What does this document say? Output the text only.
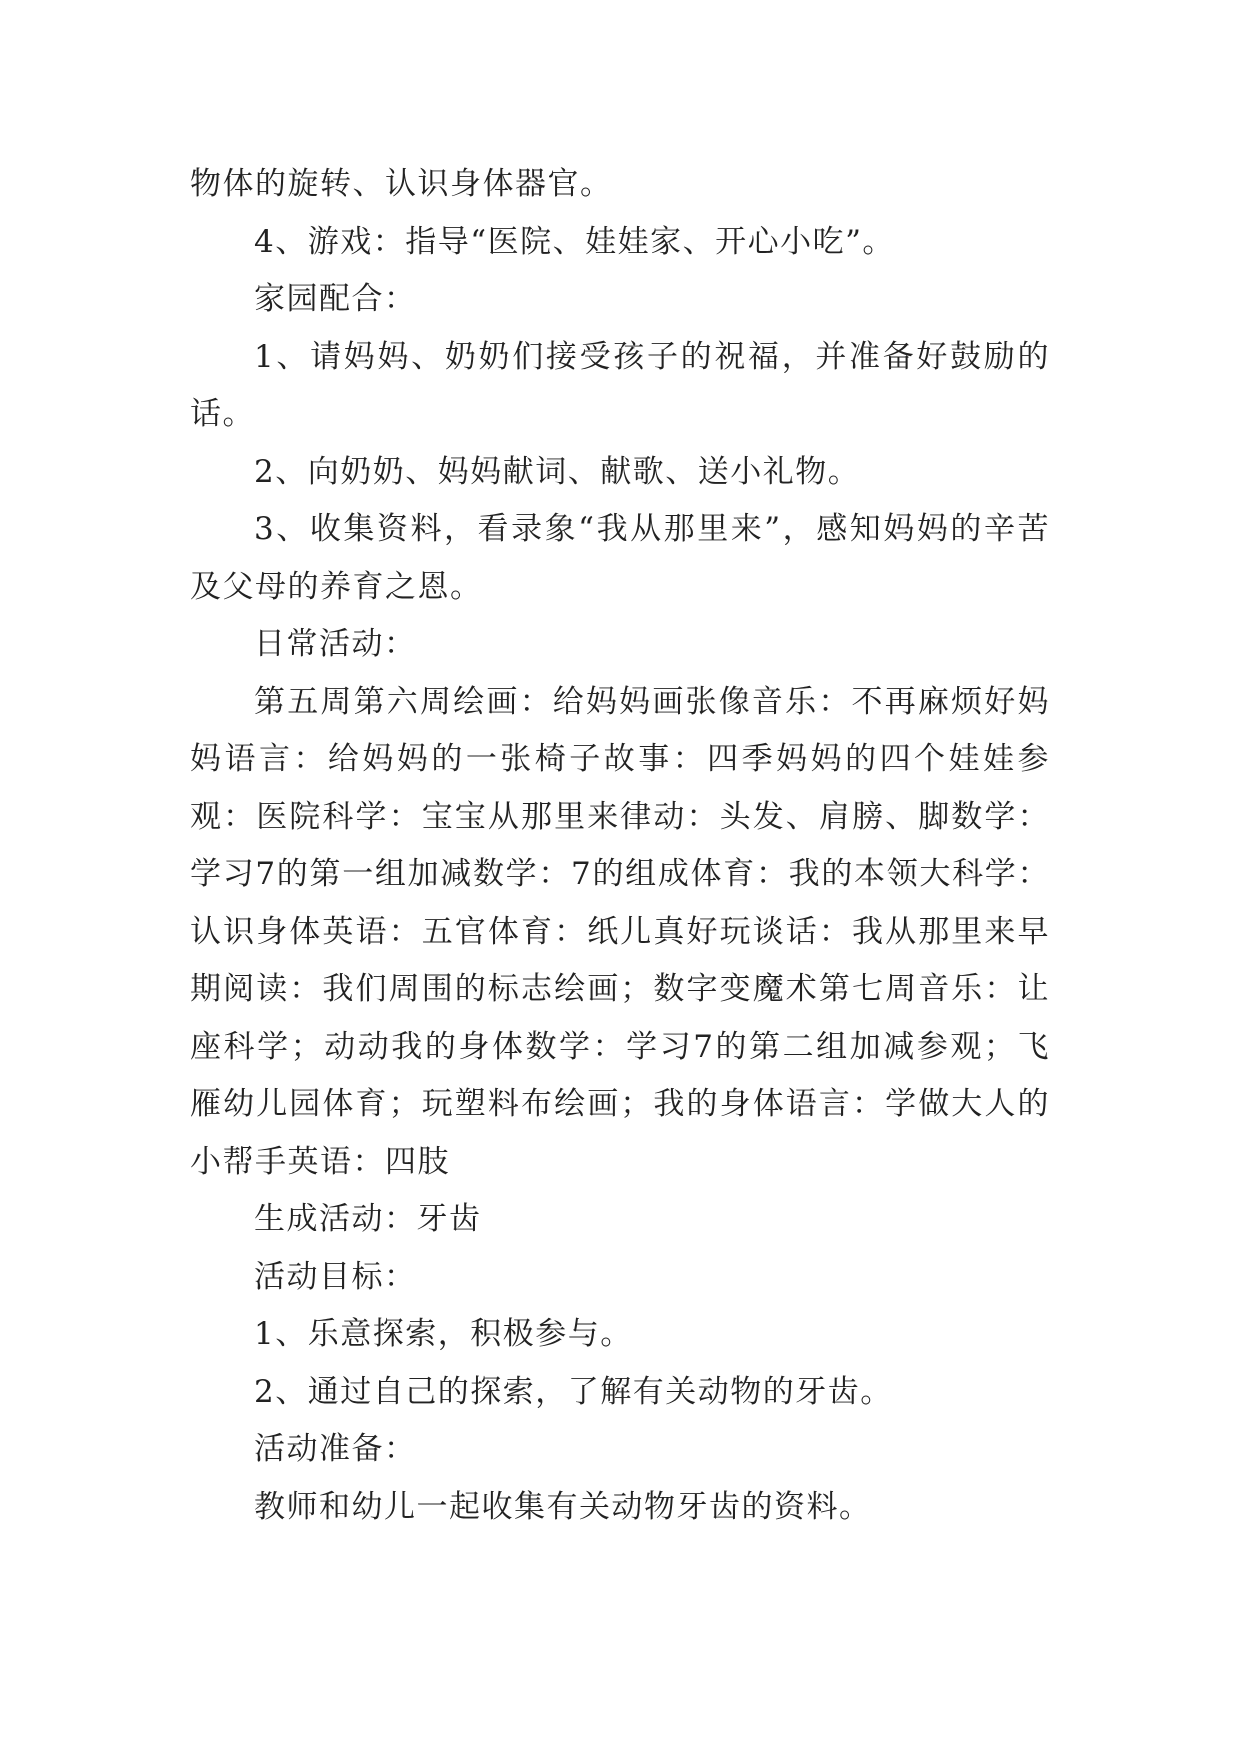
物体的旋转、认识身体器官。

4、游戏：指导“医院、娃娃家、开心小吃”。

家园配合：

1、请妈妈、奶奶们接受孩子的祝福，并准备好鼓励的话。

2、向奶奶、妈妈献词、献歌、送小礼物。

3、收集资料，看录象“我从那里来”，感知妈妈的辛苦及父母的养育之恩。

日常活动：

第五周第六周绘画：给妈妈画张像音乐：不再麻烦好妈妈语言：给妈妈的一张椅子故事：四季妈妈的四个娃娃参观：医院科学：宝宝从那里来律动：头发、肩膀、脚数学：学习7的第一组加减数学：7的组成体育：我的本领大科学：认识身体英语：五官体育：纸儿真好玩谈话：我从那里来早期阅读：我们周围的标志绘画；数字变魔术第七周音乐：让座科学；动动我的身体数学：学习7的第二组加减参观；飞雁幼儿园体育；玩塑料布绘画；我的身体语言：学做大人的小帮手英语：四肢

生成活动：牙齿

活动目标：

1、乐意探索，积极参与。

2、通过自己的探索，了解有关动物的牙齿。

活动准备：

教师和幼儿一起收集有关动物牙齿的资料。
